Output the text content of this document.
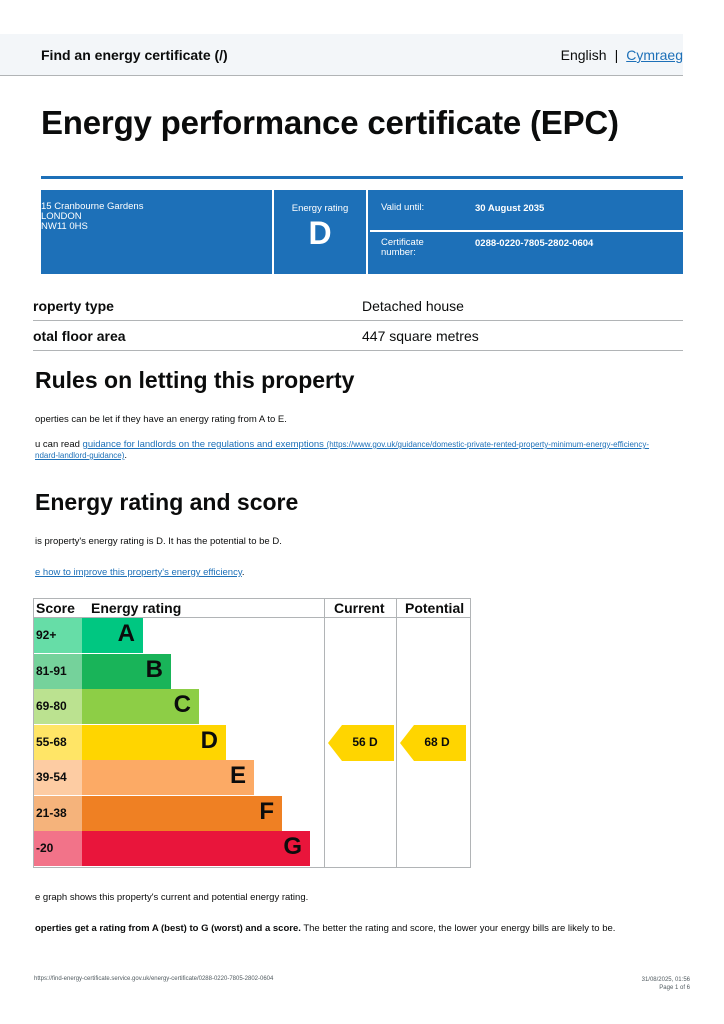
Find an energy certificate (/)	English | Cymraeg
Energy performance certificate (EPC)
15 Cranbourne Gardens
LONDON
NW11 0HS
Energy rating
D
Valid until:	30 August 2035
Certificate
number:
0288-0220-7805-2802-0604
roperty type	Detached house
otal floor area	447 square metres
Rules on letting this property
operties can be let if they have an energy rating from A to E.
u can read guidance for landlords on the regulations and exemptions (https://www.gov.uk/guidance/domestic-private-rented-property-minimum-energy-efficiency-
ndard-landlord-guidance).
Energy rating and score
is property's energy rating is D. It has the potential to be D.
e how to improve this property's energy efficiency.
Score Energy rating	Current Potential
92+	A
81-91	B
69-80	C
55-68	D
39-54	E
21-38	F
-20	G
56 D	68 D
e graph shows this property's current and potential energy rating.
operties get a rating from A (best) to G (worst) and a score. The better the rating and score, the lower your energy bills are likely to be.
https://find-energy-certificate.service.gov.uk/energy-certificate/0288-0220-7805-2802-0604	31/08/2025, 01:56
Page 1 of 6
